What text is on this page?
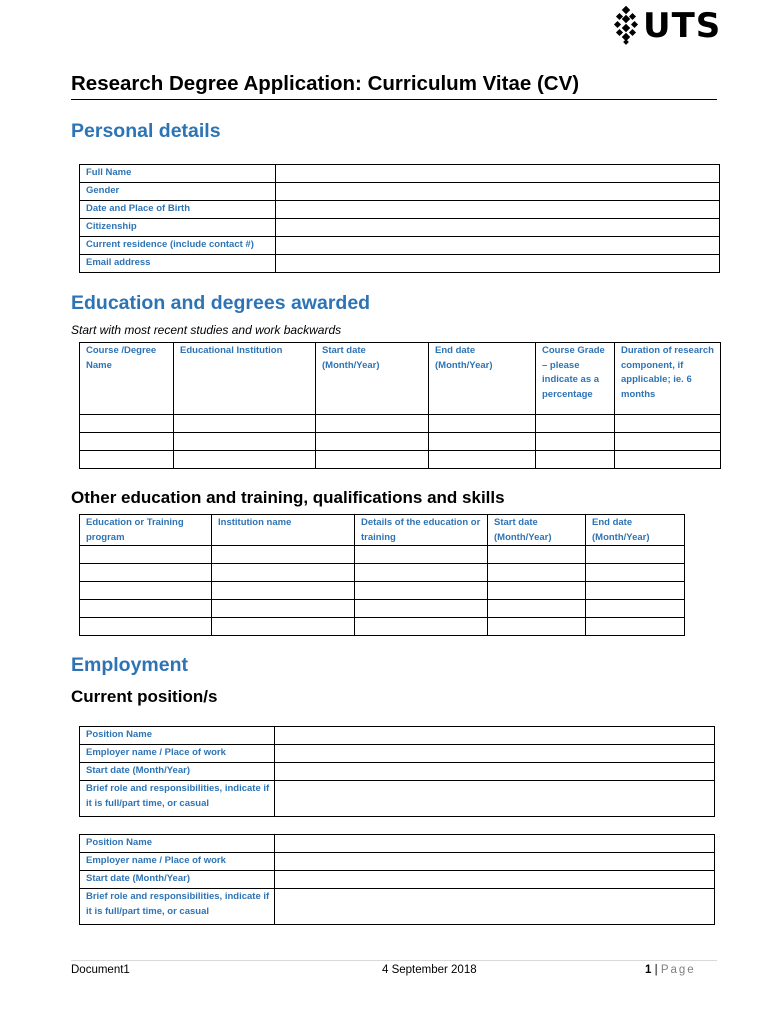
UTS
Research Degree Application: Curriculum Vitae (CV)
Personal details
Full Name	
Gender	
Date and Place of Birth	
Citizenship	
Current residence (include contact #)	
Email address	
Education and degrees awarded
Start with most recent studies and work backwards
Course /Degree Name	Educational Institution	Start date (Month/Year)	End date (Month/Year)	Course Grade – please indicate as a percentage	Duration of research component, if applicable; ie. 6 months

Other education and training, qualifications and skills
Education or Training program	Institution name	Details of the education or training	Start date (Month/Year)	End date (Month/Year)

Employment
Current position/s
Position Name	
Employer name / Place of work	
Start date (Month/Year)	
Brief role and responsibilities, indicate if it is full/part time, or casual	
Position Name	
Employer name / Place of work	
Start date (Month/Year)	
Brief role and responsibilities, indicate if it is full/part time, or casual	
Document1	4 September 2018	1 | Page
